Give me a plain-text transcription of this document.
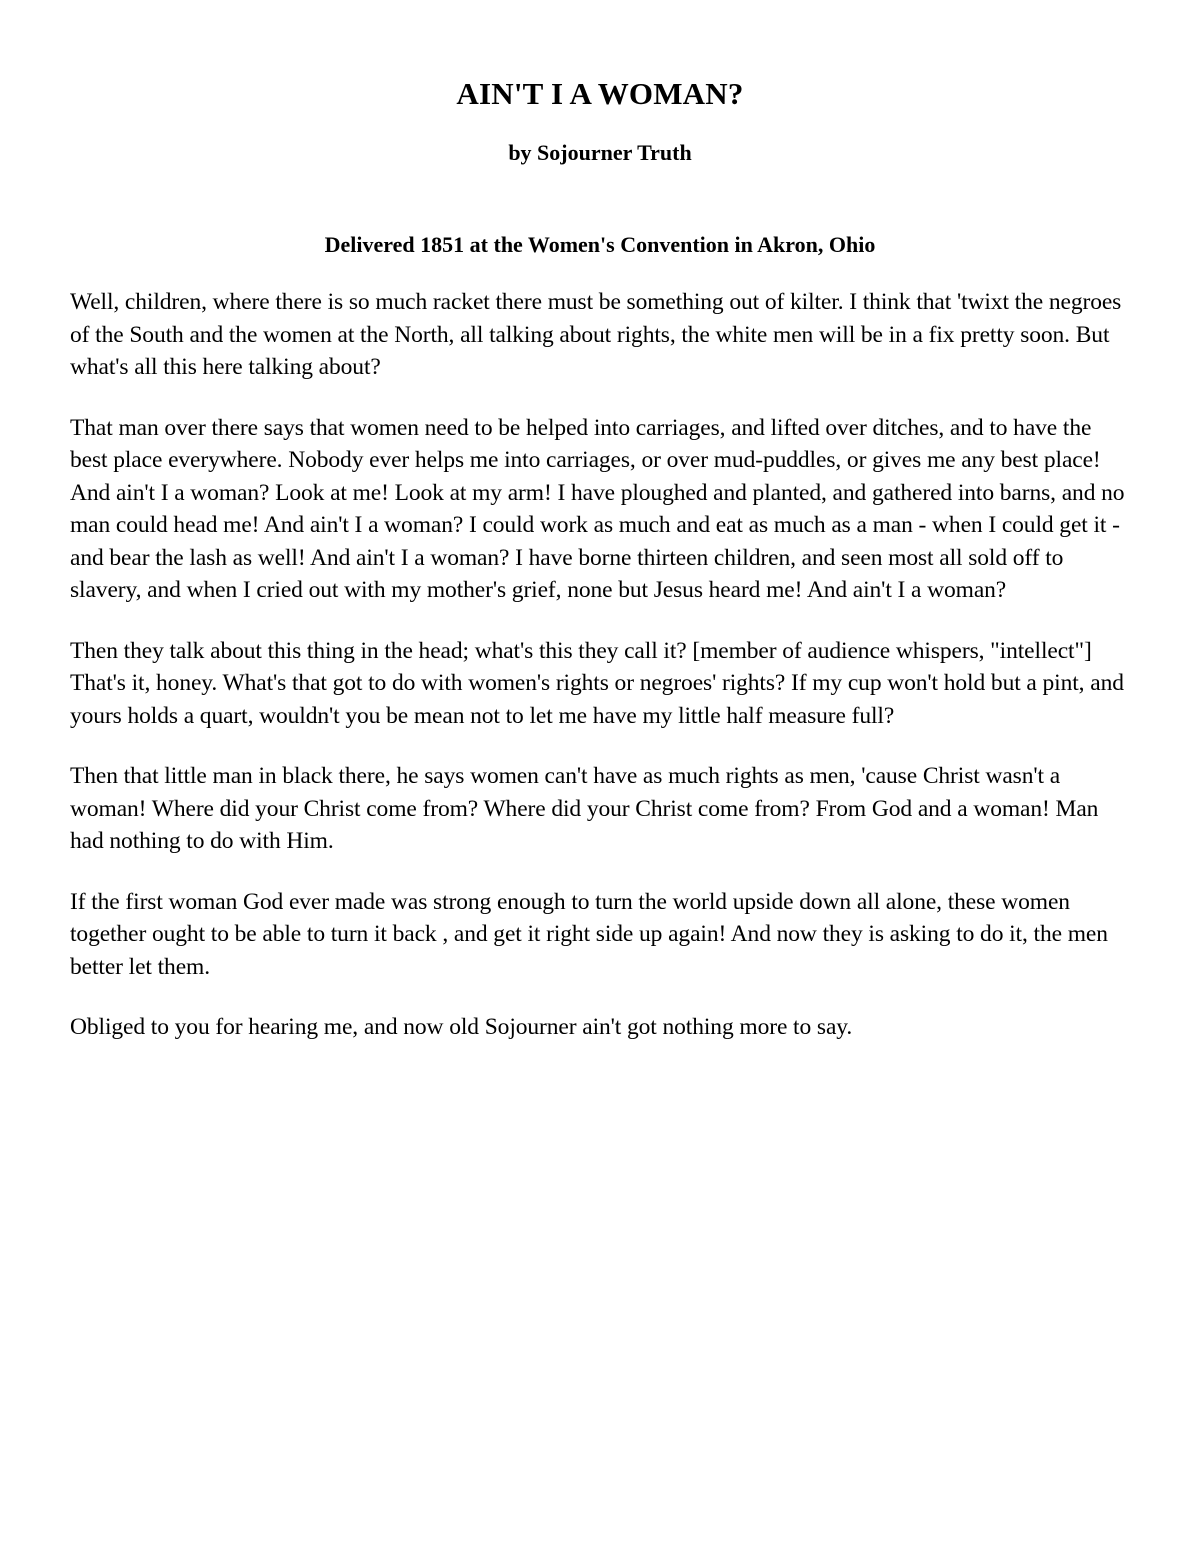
AIN'T I A WOMAN?

by Sojourner Truth

Delivered 1851 at the Women's Convention in Akron, Ohio

Well, children, where there is so much racket there must be something out of kilter. I think that 'twixt the negroes of the South and the women at the North, all talking about rights, the white men will be in a fix pretty soon. But what's all this here talking about?

That man over there says that women need to be helped into carriages, and lifted over ditches, and to have the best place everywhere. Nobody ever helps me into carriages, or over mud-puddles, or gives me any best place! And ain't I a woman? Look at me! Look at my arm! I have ploughed and planted, and gathered into barns, and no man could head me! And ain't I a woman? I could work as much and eat as much as a man - when I could get it - and bear the lash as well! And ain't I a woman? I have borne thirteen children, and seen most all sold off to slavery, and when I cried out with my mother's grief, none but Jesus heard me! And ain't I a woman?

Then they talk about this thing in the head; what's this they call it? [member of audience whispers, "intellect"] That's it, honey. What's that got to do with women's rights or negroes' rights? If my cup won't hold but a pint, and yours holds a quart, wouldn't you be mean not to let me have my little half measure full?

Then that little man in black there, he says women can't have as much rights as men, 'cause Christ wasn't a woman! Where did your Christ come from? Where did your Christ come from? From God and a woman! Man had nothing to do with Him.

If the first woman God ever made was strong enough to turn the world upside down all alone, these women together ought to be able to turn it back , and get it right side up again! And now they is asking to do it, the men better let them.

Obliged to you for hearing me, and now old Sojourner ain't got nothing more to say.
